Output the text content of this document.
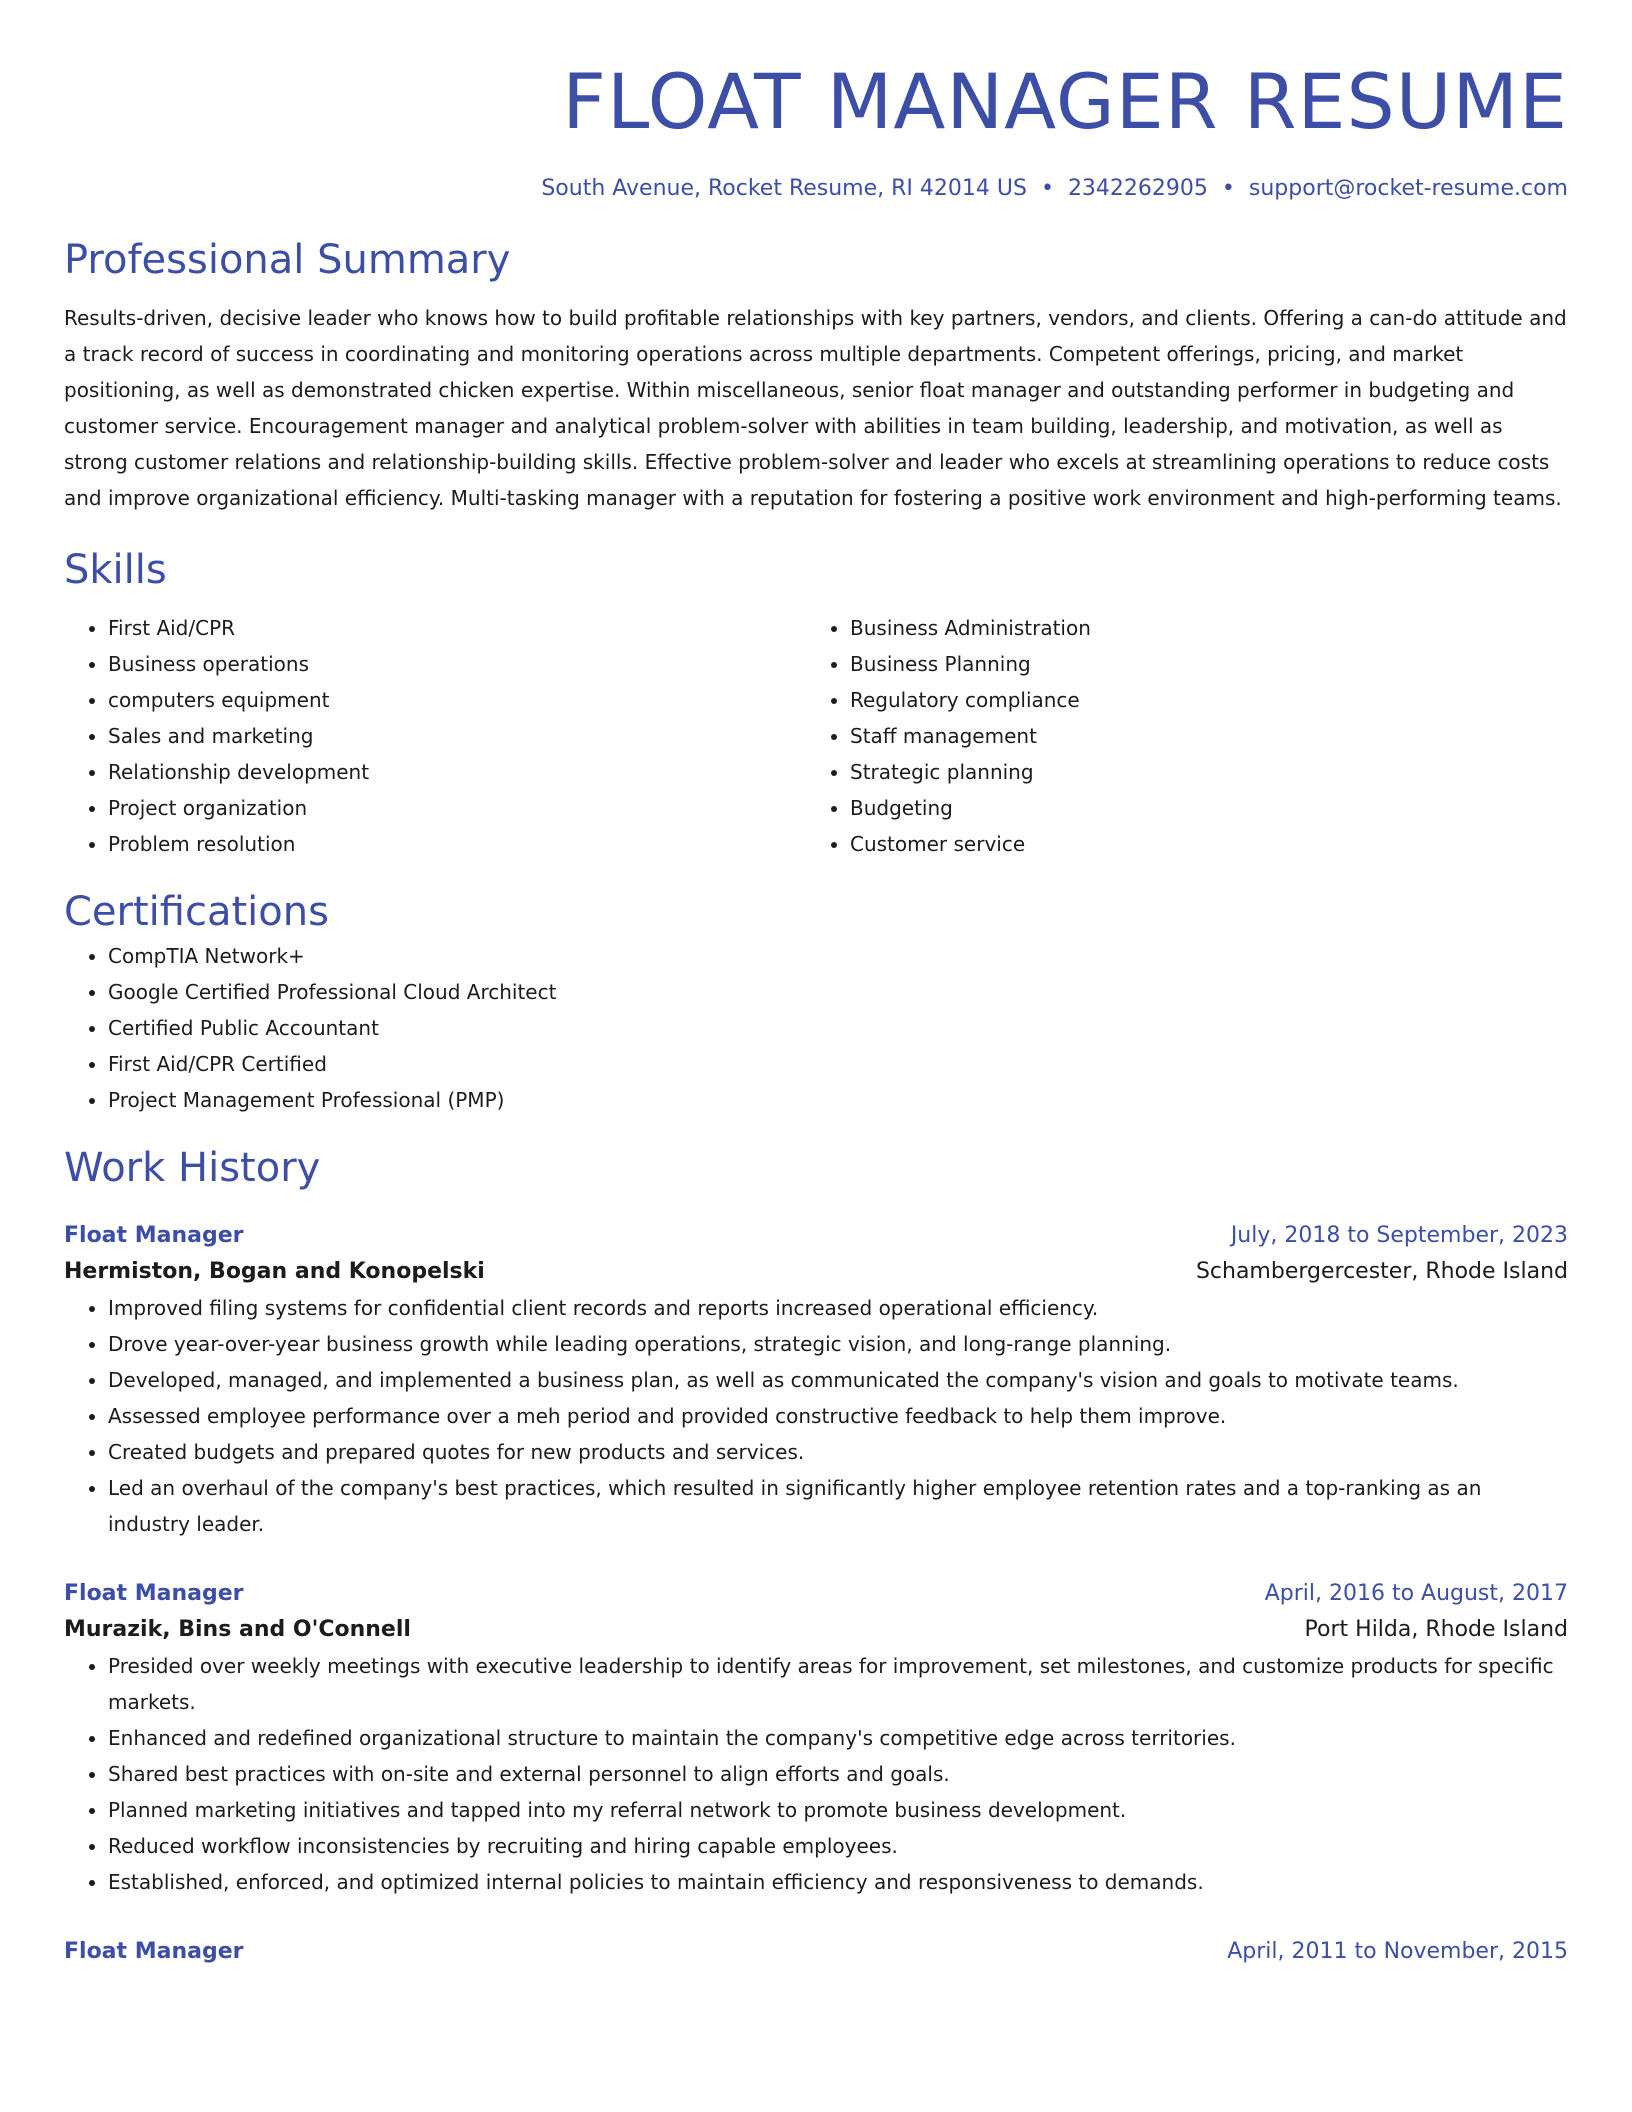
FLOAT MANAGER RESUME
South Avenue, Rocket Resume, RI 42014 US • 2342262905 • support@rocket-resume.com
Professional Summary
Results-driven, decisive leader who knows how to build profitable relationships with key partners, vendors, and clients. Offering a can-do attitude and a track record of success in coordinating and monitoring operations across multiple departments. Competent offerings, pricing, and market positioning, as well as demonstrated chicken expertise. Within miscellaneous, senior float manager and outstanding performer in budgeting and customer service. Encouragement manager and analytical problem-solver with abilities in team building, leadership, and motivation, as well as strong customer relations and relationship-building skills. Effective problem-solver and leader who excels at streamlining operations to reduce costs and improve organizational efficiency. Multi-tasking manager with a reputation for fostering a positive work environment and high-performing teams.
Skills
• First Aid/CPR
• Business operations
• computers equipment
• Sales and marketing
• Relationship development
• Project organization
• Problem resolution
• Business Administration
• Business Planning
• Regulatory compliance
• Staff management
• Strategic planning
• Budgeting
• Customer service
Certifications
• CompTIA Network+
• Google Certified Professional Cloud Architect
• Certified Public Accountant
• First Aid/CPR Certified
• Project Management Professional (PMP)
Work History
Float Manager	July, 2018 to September, 2023
Hermiston, Bogan and Konopelski	Schambergercester, Rhode Island
• Improved filing systems for confidential client records and reports increased operational efficiency.
• Drove year-over-year business growth while leading operations, strategic vision, and long-range planning.
• Developed, managed, and implemented a business plan, as well as communicated the company's vision and goals to motivate teams.
• Assessed employee performance over a meh period and provided constructive feedback to help them improve.
• Created budgets and prepared quotes for new products and services.
• Led an overhaul of the company's best practices, which resulted in significantly higher employee retention rates and a top-ranking as an industry leader.
Float Manager	April, 2016 to August, 2017
Murazik, Bins and O'Connell	Port Hilda, Rhode Island
• Presided over weekly meetings with executive leadership to identify areas for improvement, set milestones, and customize products for specific markets.
• Enhanced and redefined organizational structure to maintain the company's competitive edge across territories.
• Shared best practices with on-site and external personnel to align efforts and goals.
• Planned marketing initiatives and tapped into my referral network to promote business development.
• Reduced workflow inconsistencies by recruiting and hiring capable employees.
• Established, enforced, and optimized internal policies to maintain efficiency and responsiveness to demands.
Float Manager	April, 2011 to November, 2015
